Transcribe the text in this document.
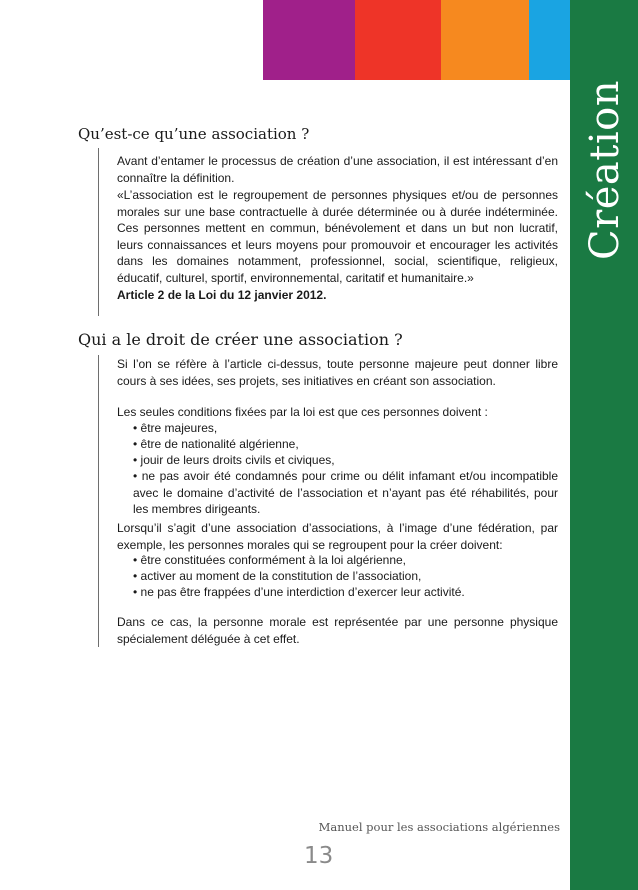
Création
Qu’est-ce qu’une association ?

Avant d’entamer le processus de création d’une association, il est intéressant d’en connaître la définition.

«L’association est le regroupement de personnes physiques et/ou de personnes morales sur une base contractuelle à durée déterminée ou à durée indéterminée. Ces personnes mettent en commun, bénévolement et dans un but non lucratif, leurs connaissances et leurs moyens pour promouvoir et encourager les activités dans les domaines notamment, professionnel, social, scientifique, religieux, éducatif, culturel, sportif, environnemental, caritatif et humanitaire.»

Article 2 de la Loi du 12 janvier 2012.

Qui a le droit de créer une association ?

Si l’on se réfère à l’article ci-dessus, toute personne majeure peut donner libre cours à ses idées, ses projets, ses initiatives en créant son association.

Les seules conditions fixées par la loi est que ces personnes doivent :

• être majeures,

• être de nationalité algérienne,

• jouir de leurs droits civils et civiques,

• ne pas avoir été condamnés pour crime ou délit infamant et/ou incompatible avec le domaine d’activité de l’association et n’ayant pas été réhabilités, pour les membres dirigeants.

Lorsqu’il s’agit d’une association d’associations, à l’image d’une fédération, par exemple, les personnes morales qui se regroupent pour la créer doivent:

• être constituées conformément à la loi algérienne,

• activer au moment de la constitution de l’association,

• ne pas être frappées d’une interdiction d’exercer leur activité.

Dans ce cas, la personne morale est représentée par une personne physique spécialement déléguée à cet effet.

Manuel pour les associations algériennes
13
